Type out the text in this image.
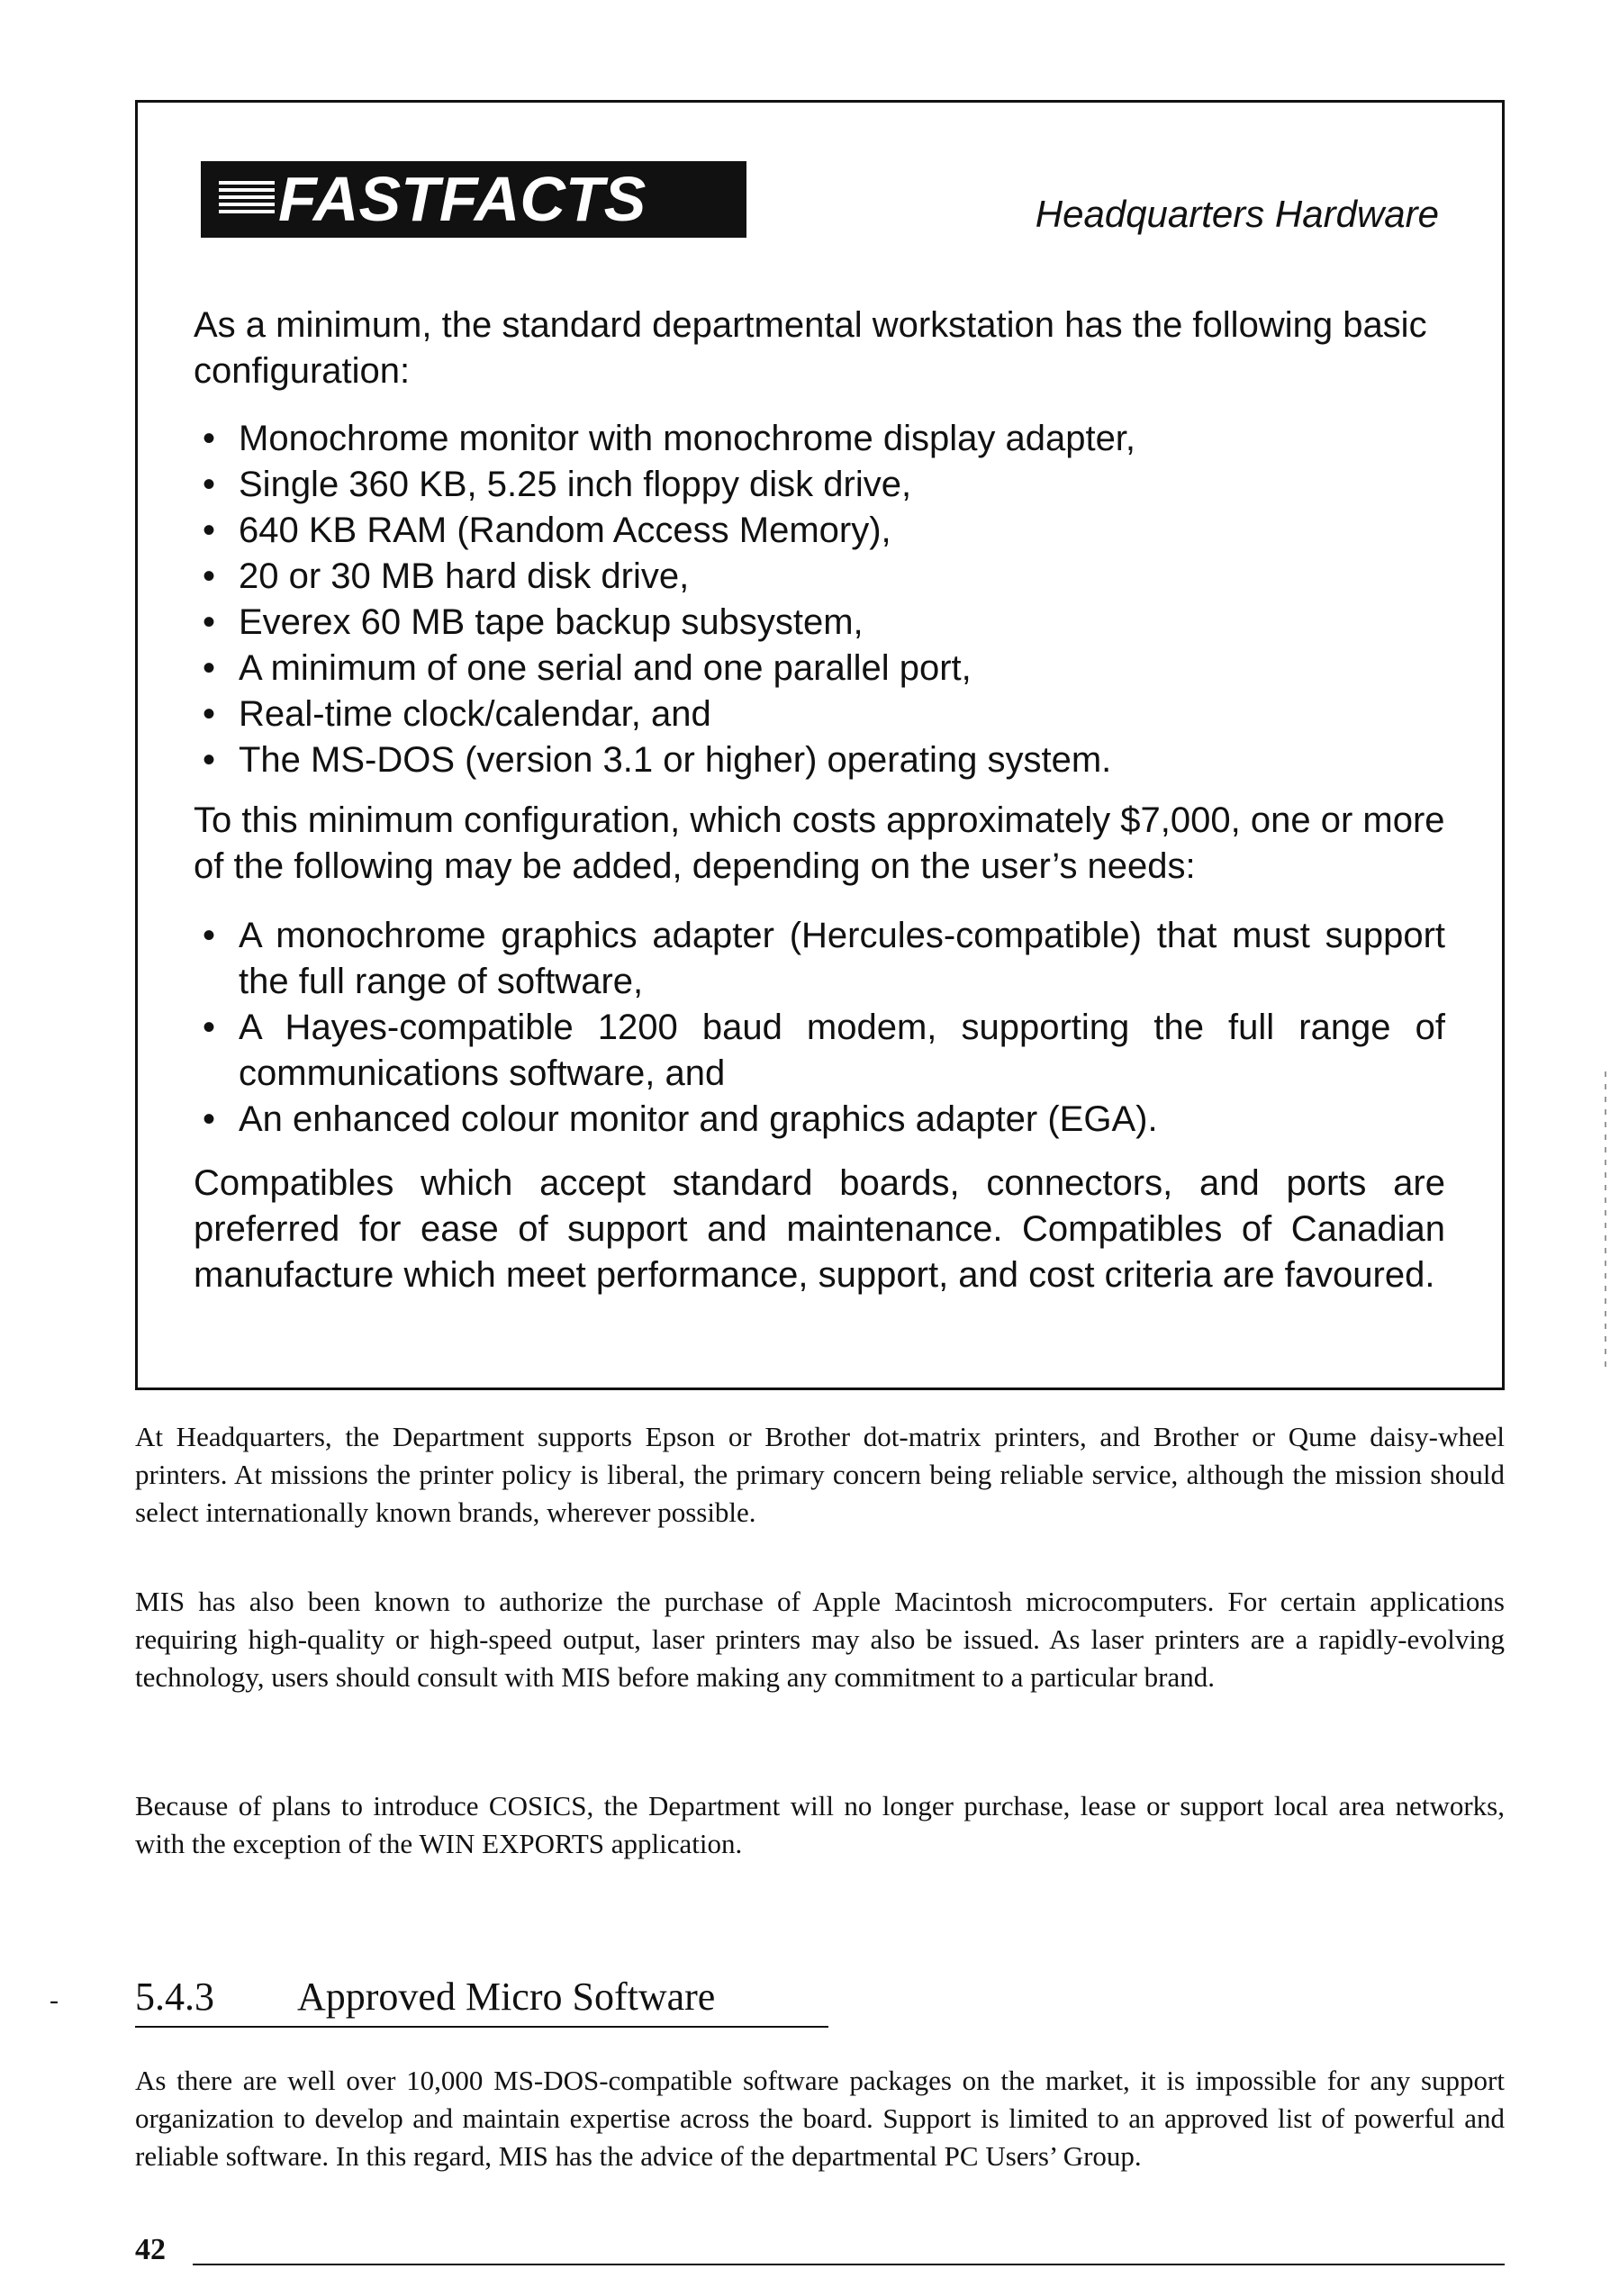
FASTFACTS	Headquarters Hardware

As a minimum, the standard departmental workstation has the following basic configuration:

• Monochrome monitor with monochrome display adapter,
• Single 360 KB, 5.25 inch floppy disk drive,
• 640 KB RAM (Random Access Memory),
• 20 or 30 MB hard disk drive,
• Everex 60 MB tape backup subsystem,
• A minimum of one serial and one parallel port,
• Real-time clock/calendar, and
• The MS-DOS (version 3.1 or higher) operating system.

To this minimum configuration, which costs approximately $7,000, one or more of the following may be added, depending on the user’s needs:

• A monochrome graphics adapter (Hercules-compatible) that must support the full range of software,
• A Hayes-compatible 1200 baud modem, supporting the full range of communications software, and
• An enhanced colour monitor and graphics adapter (EGA).

Compatibles which accept standard boards, connectors, and ports are preferred for ease of support and maintenance. Compatibles of Canadian manufacture which meet performance, support, and cost criteria are favoured.

At Headquarters, the Department supports Epson or Brother dot-matrix printers, and Brother or Qume daisy-wheel printers. At missions the printer policy is liberal, the primary concern being reliable service, although the mission should select internationally known brands, wherever possible.

MIS has also been known to authorize the purchase of Apple Macintosh microcomputers. For certain applications requiring high-quality or high-speed output, laser printers may also be issued. As laser printers are a rapidly-evolving technology, users should consult with MIS before making any commitment to a particular brand.

Because of plans to introduce COSICS, the Department will no longer purchase, lease or support local area networks, with the exception of the WIN EXPORTS application.

- 5.4.3 Approved Micro Software

As there are well over 10,000 MS-DOS-compatible software packages on the market, it is impossible for any support organization to develop and maintain expertise across the board. Support is limited to an approved list of powerful and reliable software. In this regard, MIS has the advice of the departmental PC Users’ Group.

42
